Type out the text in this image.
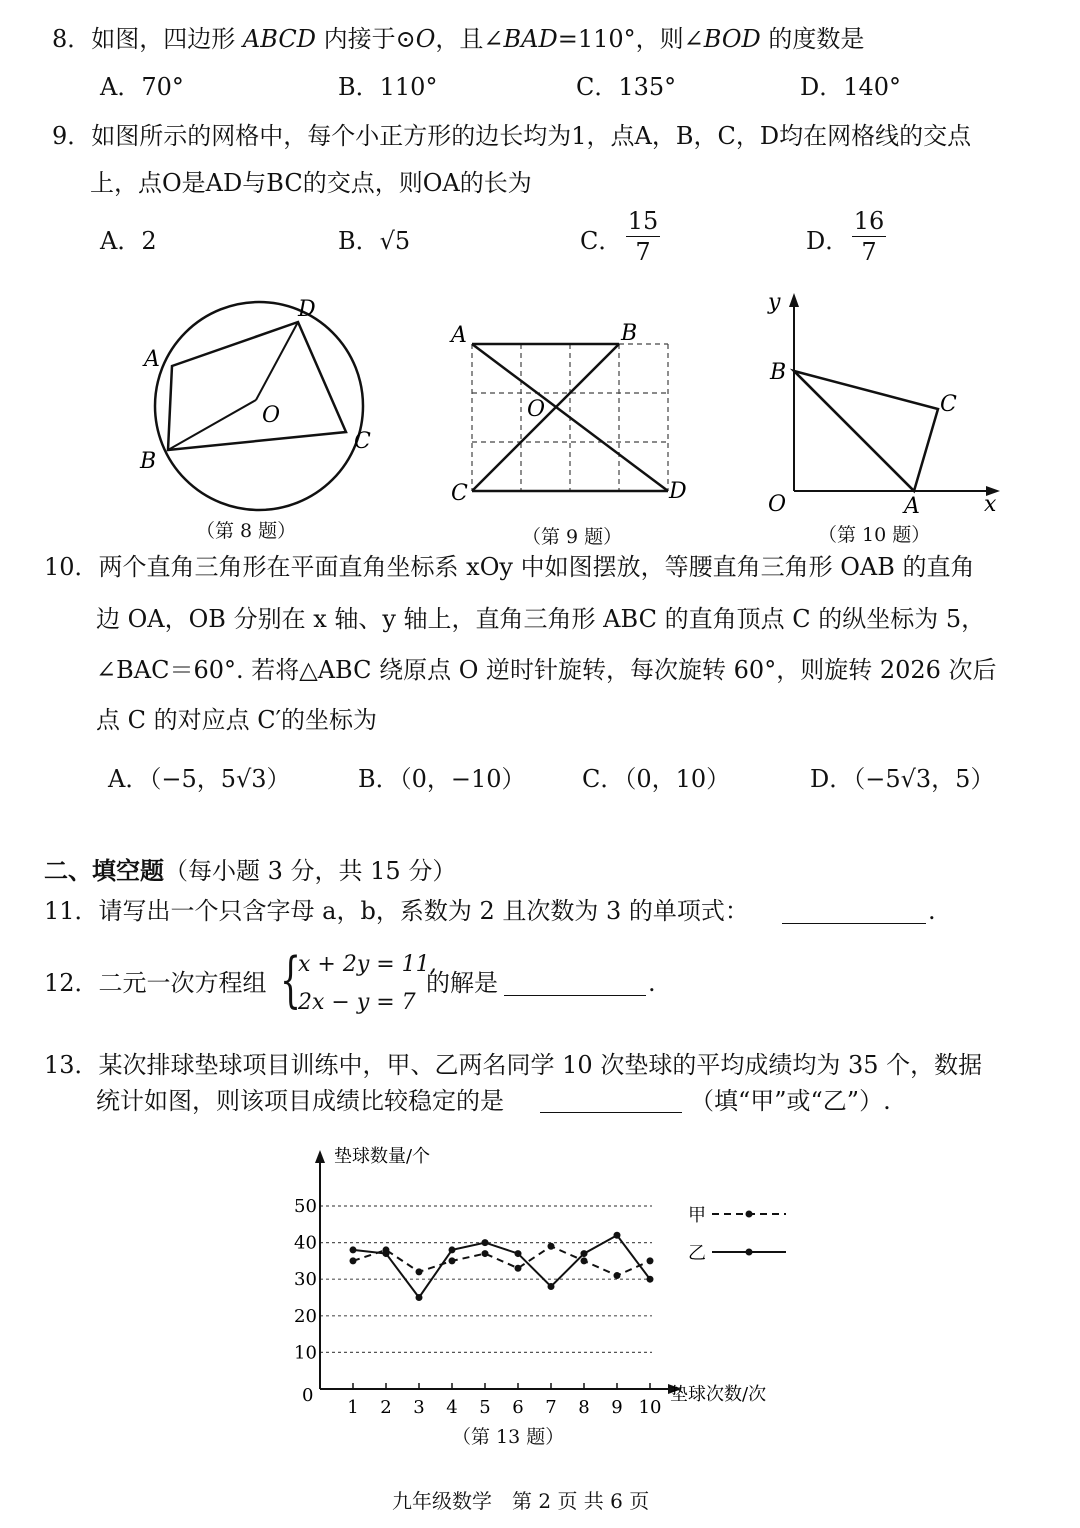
8．如图，四边形 ABCD 内接于⊙O，且∠BAD=110°，则∠BOD 的度数是
A．70°	B．110°	C．135°	D．140°
9．如图所示的网格中，每个小正方形的边长均为1，点A，B，C，D均在网格线的交点
上，点O是AD与BC的交点，则OA的长为
A．2	B．√5	C．
15
7	D．
16
7
A
B
C
D
O
（第 8 题）
A	B
C	D
O
（第 9 题）
y
B
C
O	A	x
（第 10 题）
10．两个直角三角形在平面直角坐标系 xOy 中如图摆放，等腰直角三角形 OAB 的直角
边 OA，OB 分别在 x 轴、y 轴上，直角三角形 ABC 的直角顶点 C 的纵坐标为 5，
∠BAC＝60°. 若将△ABC 绕原点 O 逆时针旋转，每次旋转 60°，则旋转 2026 次后
点 C 的对应点 C′的坐标为
A．（−5，5√3）	B．（0，−10） C．（0，10）	D．（−5√3，5）
二、填空题（每小题 3 分，共 15 分）
11．请写出一个只含字母 a，b，系数为 2 且次数为 3 的单项式：	.
12．二元一次方程组 {
x + 2y = 11,
2x − y = 7
的解是	.
13．某次排球垫球项目训练中，甲、乙两名同学 10 次垫球的平均成绩均为 35 个，数据
统计如图，则该项目成绩比较稳定的是	（填“甲”或“乙”）.
垫球数量/个
垫球次数/次
0
10
20
30
40
50
1 2 3 4 5 6 7 8 9 10
甲
乙
（第 13 题）
九年级数学　第 2 页 共 6 页
